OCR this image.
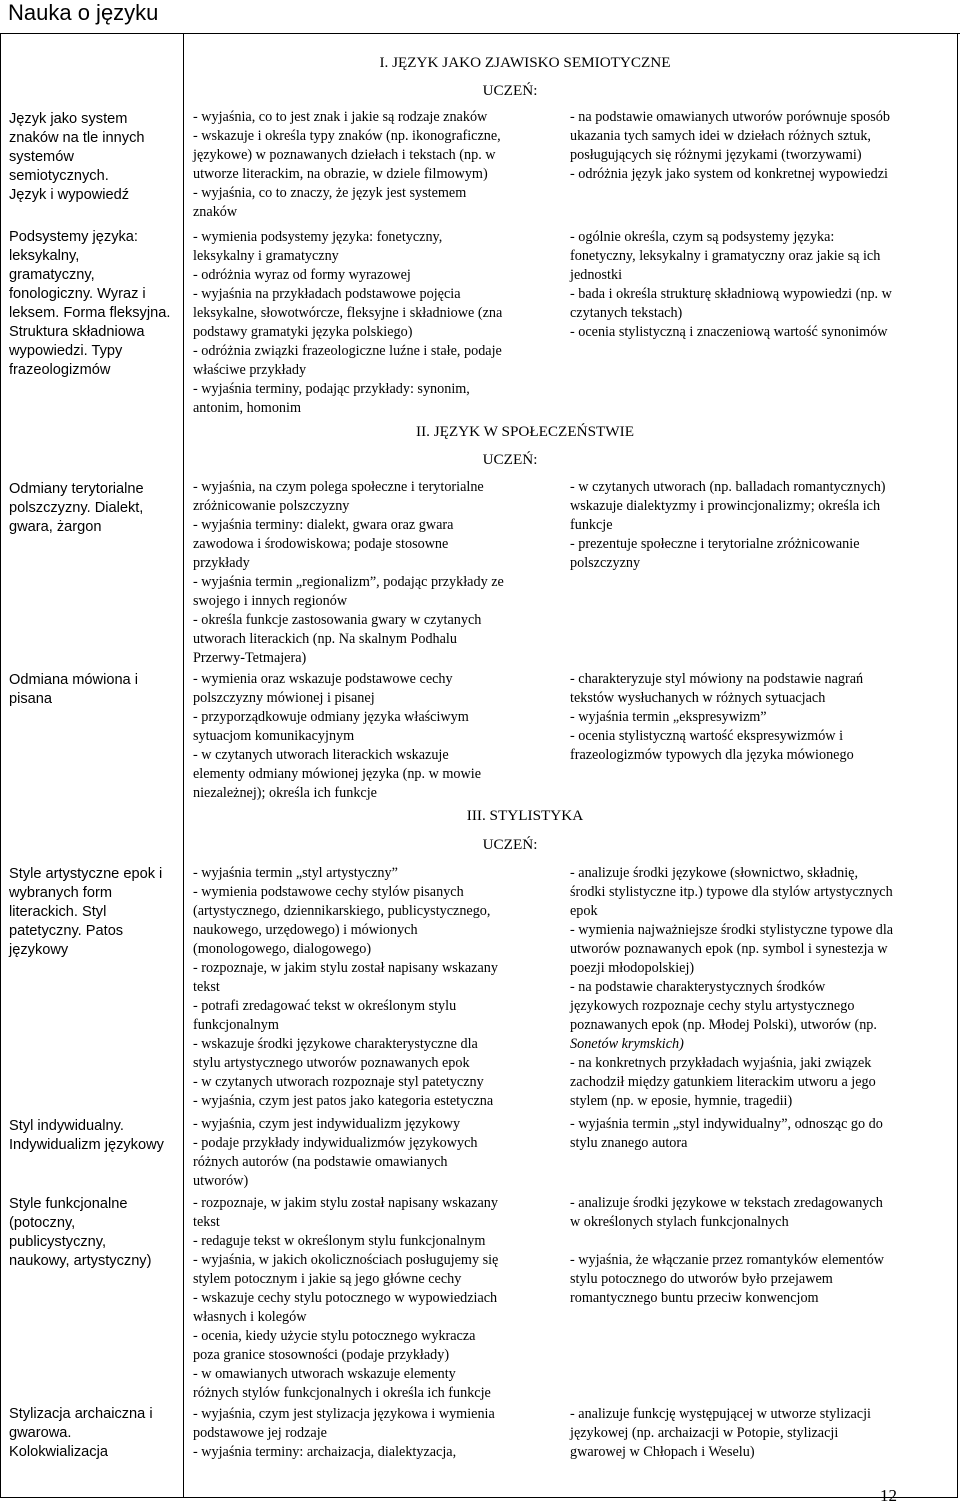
Nauka o języku
I. JĘZYK JAKO ZJAWISKO SEMIOTYCZNE
UCZEŃ:
II. JĘZYK W SPOŁECZEŃSTWIE
UCZEŃ:
III. STYLISTYKA
UCZEŃ:
Język jako system
znaków na tle innych
systemów
semiotycznych.
Język i wypowiedź
- wyjaśnia, co to jest znak i jakie są rodzaje znaków
- wskazuje i określa typy znaków (np. ikonograficzne,
językowe) w poznawanych dziełach i tekstach (np. w
utworze literackim, na obrazie, w dziele filmowym)
- wyjaśnia, co to znaczy, że język jest systemem
znaków
- na podstawie omawianych utworów porównuje sposób
ukazania tych samych idei w dziełach różnych sztuk,
posługujących się różnymi językami (tworzywami)
- odróżnia język jako system od konkretnej wypowiedzi
Podsystemy języka:
leksykalny,
gramatyczny,
fonologiczny. Wyraz i
leksem. Forma fleksyjna.
Struktura składniowa
wypowiedzi. Typy
frazeologizmów
- wymienia podsystemy języka: fonetyczny,
leksykalny i gramatyczny
- odróżnia wyraz od formy wyrazowej
- wyjaśnia na przykładach podstawowe pojęcia
leksykalne, słowotwórcze, fleksyjne i składniowe (zna
podstawy gramatyki języka polskiego)
- odróżnia związki frazeologiczne luźne i stałe, podaje
właściwe przykłady
- wyjaśnia terminy, podając przykłady: synonim,
antonim, homonim
- ogólnie określa, czym są podsystemy języka:
fonetyczny, leksykalny i gramatyczny oraz jakie są ich
jednostki
- bada i określa strukturę składniową wypowiedzi (np. w
czytanych tekstach)
- ocenia stylistyczną i znaczeniową wartość synonimów
Odmiany terytorialne
polszczyzny. Dialekt,
gwara, żargon
- wyjaśnia, na czym polega społeczne i terytorialne
zróżnicowanie polszczyzny
- wyjaśnia terminy: dialekt, gwara oraz gwara
zawodowa i środowiskowa; podaje stosowne
przykłady
- wyjaśnia termin „regionalizm”, podając przykłady ze
swojego i innych regionów
- określa funkcje zastosowania gwary w czytanych
utworach literackich (np. Na skalnym Podhalu
Przerwy-Tetmajera)
- w czytanych utworach (np. balladach romantycznych)
wskazuje dialektyzmy i prowincjonalizmy; określa ich
funkcje
- prezentuje społeczne i terytorialne zróżnicowanie
polszczyzny
Odmiana mówiona i
pisana
- wymienia oraz wskazuje podstawowe cechy
polszczyzny mówionej i pisanej
- przyporządkowuje odmiany języka właściwym
sytuacjom komunikacyjnym
- w czytanych utworach literackich wskazuje
elementy odmiany mówionej języka (np. w mowie
niezależnej); określa ich funkcje
- charakteryzuje styl mówiony na podstawie nagrań
tekstów wysłuchanych w różnych sytuacjach
- wyjaśnia termin „ekspresywizm”
- ocenia stylistyczną wartość ekspresywizmów i
frazeologizmów typowych dla języka mówionego
Style artystyczne epok i
wybranych form
literackich. Styl
patetyczny. Patos
językowy
- wyjaśnia termin „styl artystyczny”
- wymienia podstawowe cechy stylów pisanych
(artystycznego, dziennikarskiego, publicystycznego,
naukowego, urzędowego) i mówionych
(monologowego, dialogowego)
- rozpoznaje, w jakim stylu został napisany wskazany
tekst
- potrafi zredagować tekst w określonym stylu
funkcjonalnym
- wskazuje środki językowe charakterystyczne dla
stylu artystycznego utworów poznawanych epok
- w czytanych utworach rozpoznaje styl patetyczny
- wyjaśnia, czym jest patos jako kategoria estetyczna
- analizuje środki językowe (słownictwo, składnię,
środki stylistyczne itp.) typowe dla stylów artystycznych
epok
- wymienia najważniejsze środki stylistyczne typowe dla
utworów poznawanych epok (np. symbol i synestezja w
poezji młodopolskiej)
- na podstawie charakterystycznych środków
językowych rozpoznaje cechy stylu artystycznego
poznawanych epok (np. Młodej Polski), utworów (np.
Sonetów krymskich)
- na konkretnych przykładach wyjaśnia, jaki związek
zachodził między gatunkiem literackim utworu a jego
stylem (np. w eposie, hymnie, tragedii)
Styl indywidualny.
Indywidualizm językowy
- wyjaśnia, czym jest indywidualizm językowy
- podaje przykłady indywidualizmów językowych
różnych autorów (na podstawie omawianych
utworów)
- wyjaśnia termin „styl indywidualny”, odnosząc go do
stylu znanego autora
Style funkcjonalne
(potoczny,
publicystyczny,
naukowy, artystyczny)
- rozpoznaje, w jakim stylu został napisany wskazany
tekst
- redaguje tekst w określonym stylu funkcjonalnym
- wyjaśnia, w jakich okolicznościach posługujemy się
stylem potocznym i jakie są jego główne cechy
- wskazuje cechy stylu potocznego w wypowiedziach
własnych i kolegów
- ocenia, kiedy użycie stylu potocznego wykracza
poza granice stosowności (podaje przykłady)
- w omawianych utworach wskazuje elementy
różnych stylów funkcjonalnych i określa ich funkcje
- analizuje środki językowe w tekstach zredagowanych
w określonych stylach funkcjonalnych
- wyjaśnia, że włączanie przez romantyków elementów
stylu potocznego do utworów było przejawem
romantycznego buntu przeciw konwencjom
Stylizacja archaiczna i
gwarowa.
Kolokwializacja
- wyjaśnia, czym jest stylizacja językowa i wymienia
podstawowe jej rodzaje
- wyjaśnia terminy: archaizacja, dialektyzacja,
- analizuje funkcję występującej w utworze stylizacji
językowej (np. archaizacji w Potopie, stylizacji
gwarowej w Chłopach i Weselu)
12
